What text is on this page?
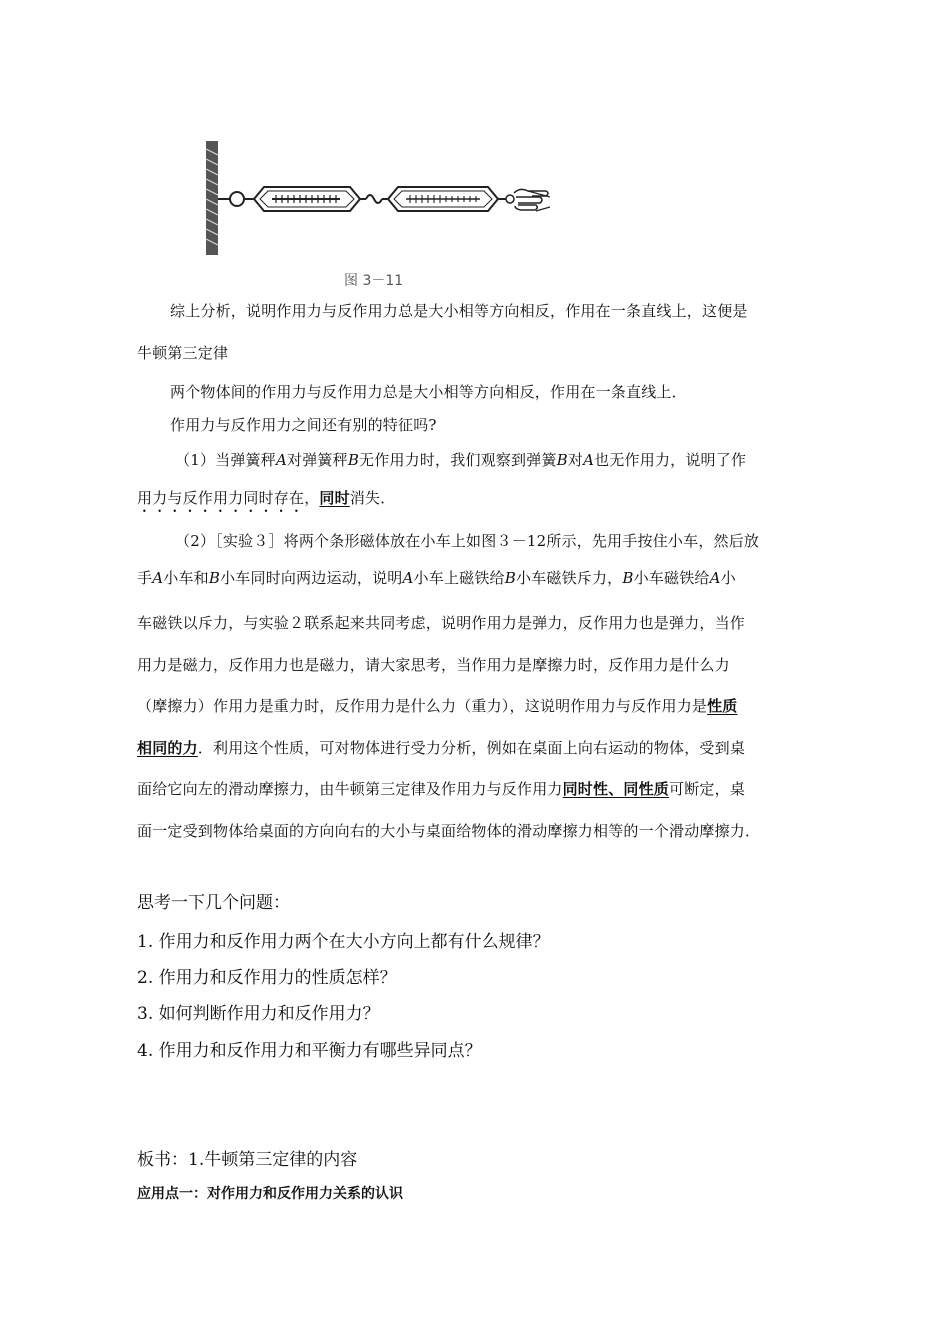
图 3－11
综上分析，说明作用力与反作用力总是大小相等方向相反，作用在一条直线上，这便是
牛顿第三定律
两个物体间的作用力与反作用力总是大小相等方向相反，作用在一条直线上．
作用力与反作用力之间还有别的特征吗?
（1）当弹簧秤A对弹簧秤B无作用力时，我们观察到弹簧B对A也无作用力，说明了作
用力与反作用力同时存在，同时消失．
（2）［实验３］将两个条形磁体放在小车上如图３－12所示，先用手按住小车，然后放
手A小车和B小车同时向两边运动，说明A小车上磁铁给B小车磁铁斥力，B小车磁铁给A小
车磁铁以斥力，与实验２联系起来共同考虑，说明作用力是弹力，反作用力也是弹力，当作
用力是磁力，反作用力也是磁力，请大家思考，当作用力是摩擦力时，反作用力是什么力
（摩擦力）作用力是重力时，反作用力是什么力（重力），这说明作用力与反作用力是性质
相同的力．利用这个性质，可对物体进行受力分析，例如在桌面上向右运动的物体，受到桌
面给它向左的滑动摩擦力，由牛顿第三定律及作用力与反作用力同时性、同性质可断定，桌
面一定受到物体给桌面的方向向右的大小与桌面给物体的滑动摩擦力相等的一个滑动摩擦力．
思考一下几个问题：
1. 作用力和反作用力两个在大小方向上都有什么规律？
2. 作用力和反作用力的性质怎样？
3. 如何判断作用力和反作用力？
4. 作用力和反作用力和平衡力有哪些异同点？
板书：1.牛顿第三定律的内容
应用点一：对作用力和反作用力关系的认识
